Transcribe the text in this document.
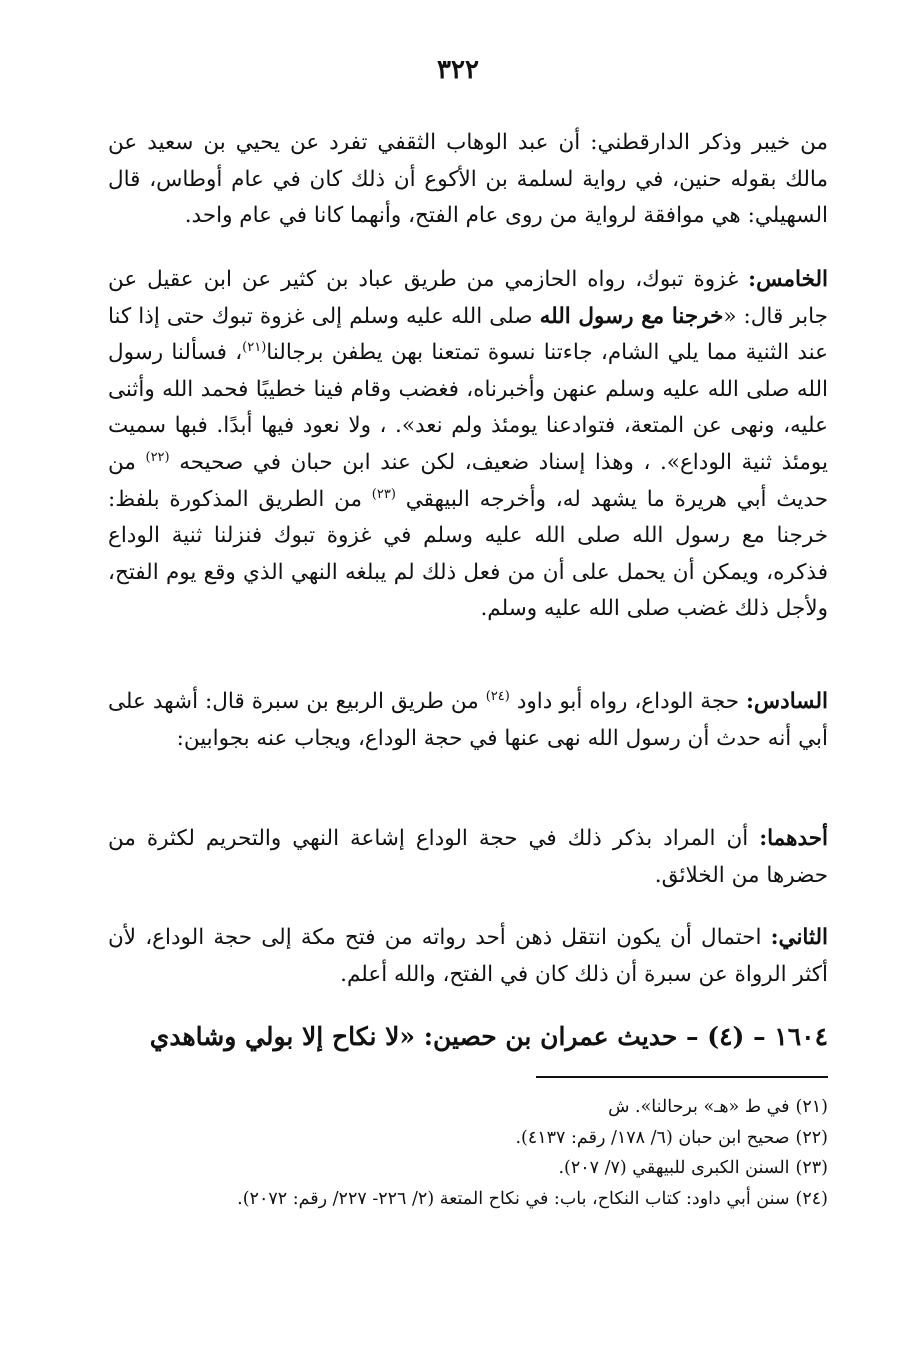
٣٢٢
من خيبر وذكر الدارقطني: أن عبد الوهاب الثقفي تفرد عن يحيي بن سعيد عن مالك بقوله حنين، في رواية لسلمة بن الأكوع أن ذلك كان في عام أوطاس، قال السهيلي: هي موافقة لرواية من روى عام الفتح، وأنهما كانا في عام واحد.
الخامس: غزوة تبوك، رواه الحازمي من طريق عباد بن كثير عن ابن عقيل عن جابر قال: «خرجنا مع رسول الله صلى الله عليه وسلم إلى غزوة تبوك حتى إذا كنا عند الثنية مما يلي الشام، جاءتنا نسوة تمتعنا بهن يطفن برجالنا$^{(٢١)}$، فسألنا رسول الله صلى الله عليه وسلم عنهن وأخبرناه، فغضب وقام فينا خطيبًا فحمد الله وأثنى عليه، ونهى عن المتعة، فتوادعنا يومئذ ولم نعد». ، ولا نعود فيها أبدًا. فبها سميت يومئذ ثنية الوداع». ، وهذا إسناد ضعيف، لكن عند ابن حبان في صحيحه $^{(٢٢)}$ من حديث أبي هريرة ما يشهد له، وأخرجه البيهقي $^{(٢٣)}$ من الطريق المذكورة بلفظ: خرجنا مع رسول الله صلى الله عليه وسلم في غزوة تبوك فنزلنا ثنية الوداع فذكره، ويمكن أن يحمل على أن من فعل ذلك لم يبلغه النهي الذي وقع يوم الفتح، ولأجل ذلك غضب صلى الله عليه وسلم.
السادس: حجة الوداع، رواه أبو داود $^{(٢٤)}$ من طريق الربيع بن سبرة قال: أشهد على أبي أنه حدث أن رسول الله نهى عنها في حجة الوداع، ويجاب عنه بجوابين:
أحدهما: أن المراد بذكر ذلك في حجة الوداع إشاعة النهي والتحريم لكثرة من حضرها من الخلائق.
الثاني: احتمال أن يكون انتقل ذهن أحد رواته من فتح مكة إلى حجة الوداع، لأن أكثر الرواة عن سبرة أن ذلك كان في الفتح، والله أعلم.
١٦٠٤ – (٤) – حديث عمران بن حصين: «لا نكاح إلا بولي وشاهدي
(٢١)في ط «هـ» برحالنا». ش
(٢٢)صحيح ابن حبان (٦/ ١٧٨/ رقم: ٤١٣٧).
(٢٣)السنن الكبرى للبيهقي (٧/ ٢٠٧).
(٢٤)سنن أبي داود: كتاب النكاح، باب: في نكاح المتعة (٢/ ٢٢٦- ٢٢٧/ رقم: ٢٠٧٢).
